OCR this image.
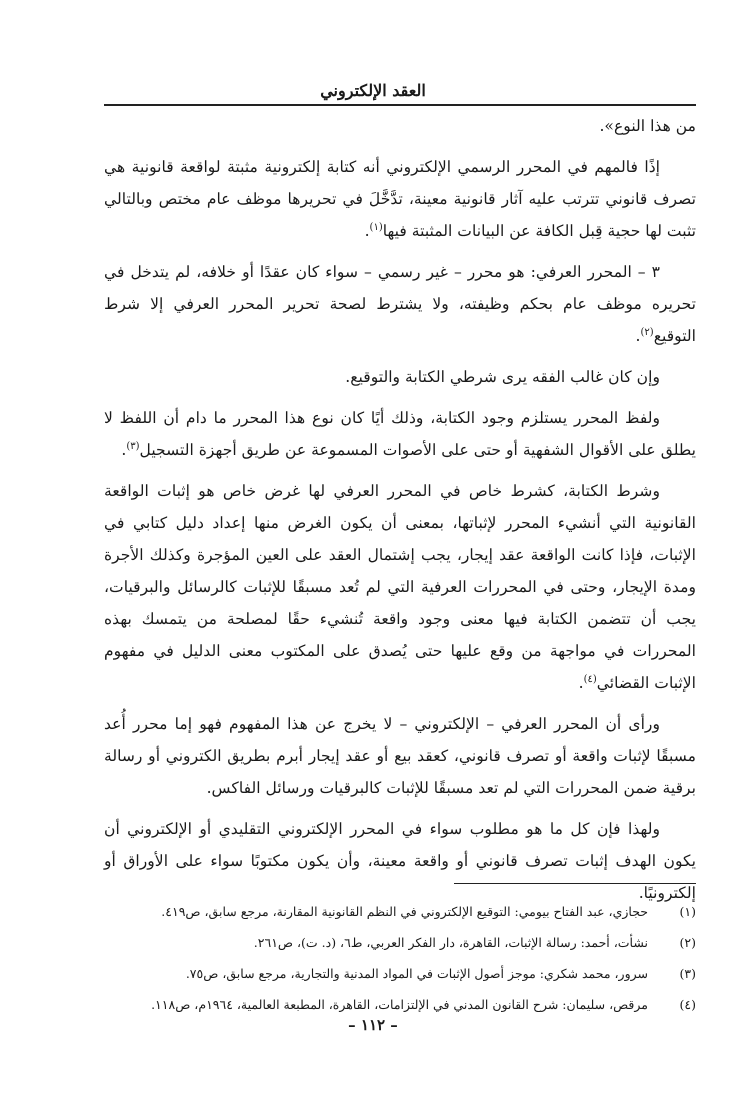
العقد الإلكتروني

من هذا النوع».

إذًا فالمهم في المحرر الرسمي الإلكتروني أنه كتابة إلكترونية مثبتة لواقعة قانونية هي تصرف قانوني تترتب عليه آثار قانونية معينة، تدَّخَّلَ في تحريرها موظف عام مختص وبالتالي تثبت لها حجية قِبل الكافة عن البيانات المثبتة فيها$^{(١)}$.

٣ – المحرر العرفي: هو محرر – غير رسمي – سواء كان عقدًا أو خلافه، لم يتدخل في تحريره موظف عام بحكم وظيفته، ولا يشترط لصحة تحرير المحرر العرفي إلا شرط التوقيع$^{(٢)}$.

وإن كان غالب الفقه يرى شرطي الكتابة والتوقيع.

ولفظ المحرر يستلزم وجود الكتابة، وذلك أيًا كان نوع هذا المحرر ما دام أن اللفظ لا يطلق على الأقوال الشفهية أو حتى على الأصوات المسموعة عن طريق أجهزة التسجيل$^{(٣)}$.

وشرط الكتابة، كشرط خاص في المحرر العرفي لها غرض خاص هو إثبات الواقعة القانونية التي أنشيء المحرر لإثباتها، بمعنى أن يكون الغرض منها إعداد دليل كتابي في الإثبات، فإذا كانت الواقعة عقد إيجار، يجب إشتمال العقد على العين المؤجرة وكذلك الأجرة ومدة الإيجار، وحتى في المحررات العرفية التي لم تُعد مسبقًا للإثبات كالرسائل والبرقيات، يجب أن تتضمن الكتابة فيها معنى وجود واقعة تُنشيء حقًا لمصلحة من يتمسك بهذه المحررات في مواجهة من وقع عليها حتى يُصدق على المكتوب معنى الدليل في مفهوم الإثبات القضائي$^{(٤)}$.

ورأى أن المحرر العرفي – الإلكتروني – لا يخرج عن هذا المفهوم فهو إما محرر أُعد مسبقًا لإثبات واقعة أو تصرف قانوني، كعقد بيع أو عقد إيجار أبرم بطريق الكتروني أو رسالة برقية ضمن المحررات التي لم تعد مسبقًا للإثبات كالبرقيات ورسائل الفاكس.

ولهذا فإن كل ما هو مطلوب سواء في المحرر الإلكتروني التقليدي أو الإلكتروني أن يكون الهدف إثبات تصرف قانوني أو واقعة معينة، وأن يكون مكتوبًا سواء على الأوراق أو إلكترونيًا.

(١)
حجازي، عبد الفتاح بيومي: التوقيع الإلكتروني في النظم القانونية المقارنة، مرجع سابق، ص٤١٩.
(٢)
نشأت، أحمد: رسالة الإثبات، القاهرة، دار الفكر العربي، ط٦، (د. ت)، ص٢٦١.
(٣)
سرور، محمد شكري: موجز أصول الإثبات في المواد المدنية والتجارية، مرجع سابق، ص٧٥.
(٤)
مرقص، سليمان: شرح القانون المدني في الإلتزامات، القاهرة، المطبعة العالمية، ١٩٦٤م، ص١١٨.
– ١١٢ –
